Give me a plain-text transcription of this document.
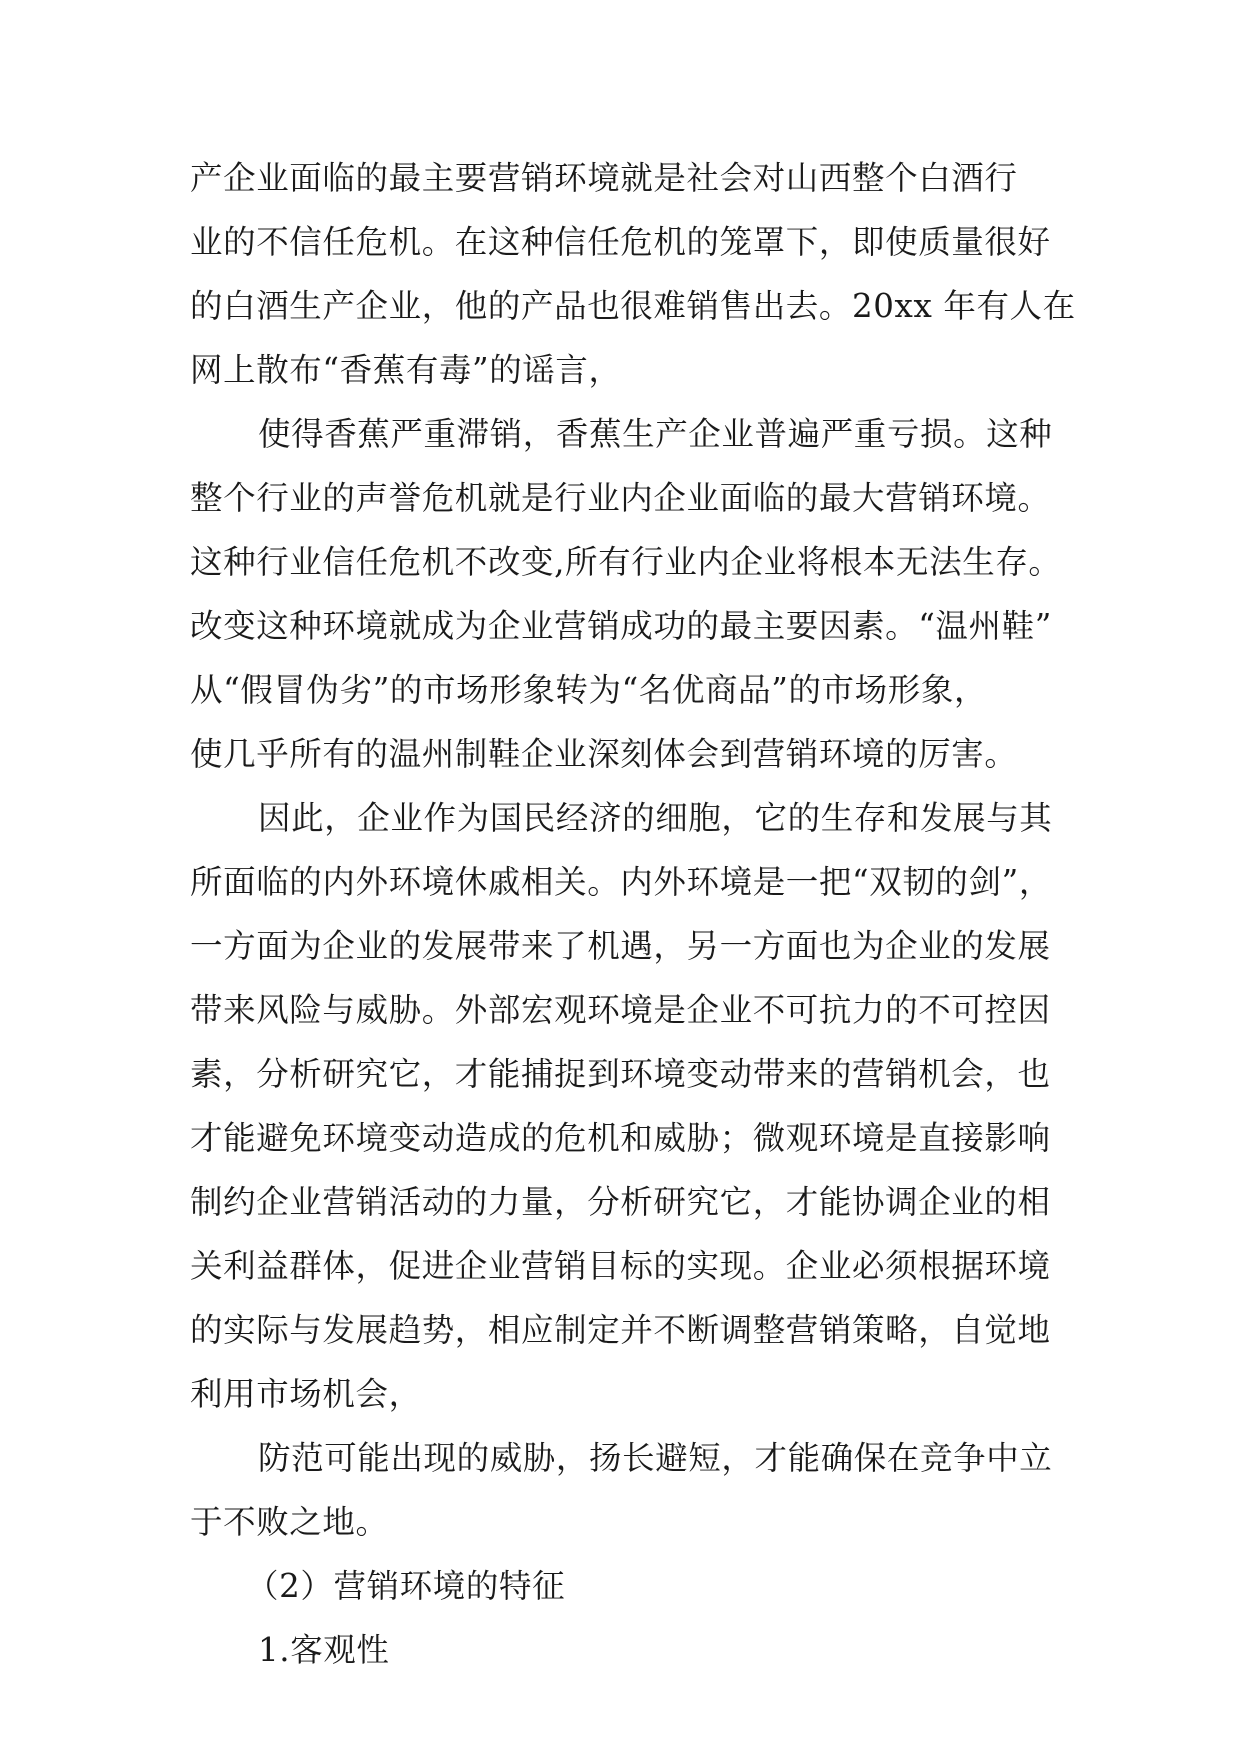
产企业面临的最主要营销环境就是社会对山西整个白酒行
业的不信任危机。在这种信任危机的笼罩下，即使质量很好
的白酒生产企业，他的产品也很难销售出去。20xx 年有人在
网上散布“香蕉有毒”的谣言，

使得香蕉严重滞销，香蕉生产企业普遍严重亏损。这种
整个行业的声誉危机就是行业内企业面临的最大营销环境。
这种行业信任危机不改变,所有行业内企业将根本无法生存。
改变这种环境就成为企业营销成功的最主要因素。“温州鞋”
从“假冒伪劣”的市场形象转为“名优商品”的市场形象，
使几乎所有的温州制鞋企业深刻体会到营销环境的厉害。

因此，企业作为国民经济的细胞，它的生存和发展与其
所面临的内外环境休戚相关。内外环境是一把“双韧的剑”，
一方面为企业的发展带来了机遇，另一方面也为企业的发展
带来风险与威胁。外部宏观环境是企业不可抗力的不可控因
素，分析研究它，才能捕捉到环境变动带来的营销机会，也
才能避免环境变动造成的危机和威胁；微观环境是直接影响
制约企业营销活动的力量，分析研究它，才能协调企业的相
关利益群体，促进企业营销目标的实现。企业必须根据环境
的实际与发展趋势，相应制定并不断调整营销策略，自觉地
利用市场机会，

防范可能出现的威胁，扬长避短，才能确保在竞争中立
于不败之地。

（2）营销环境的特征

1.客观性
